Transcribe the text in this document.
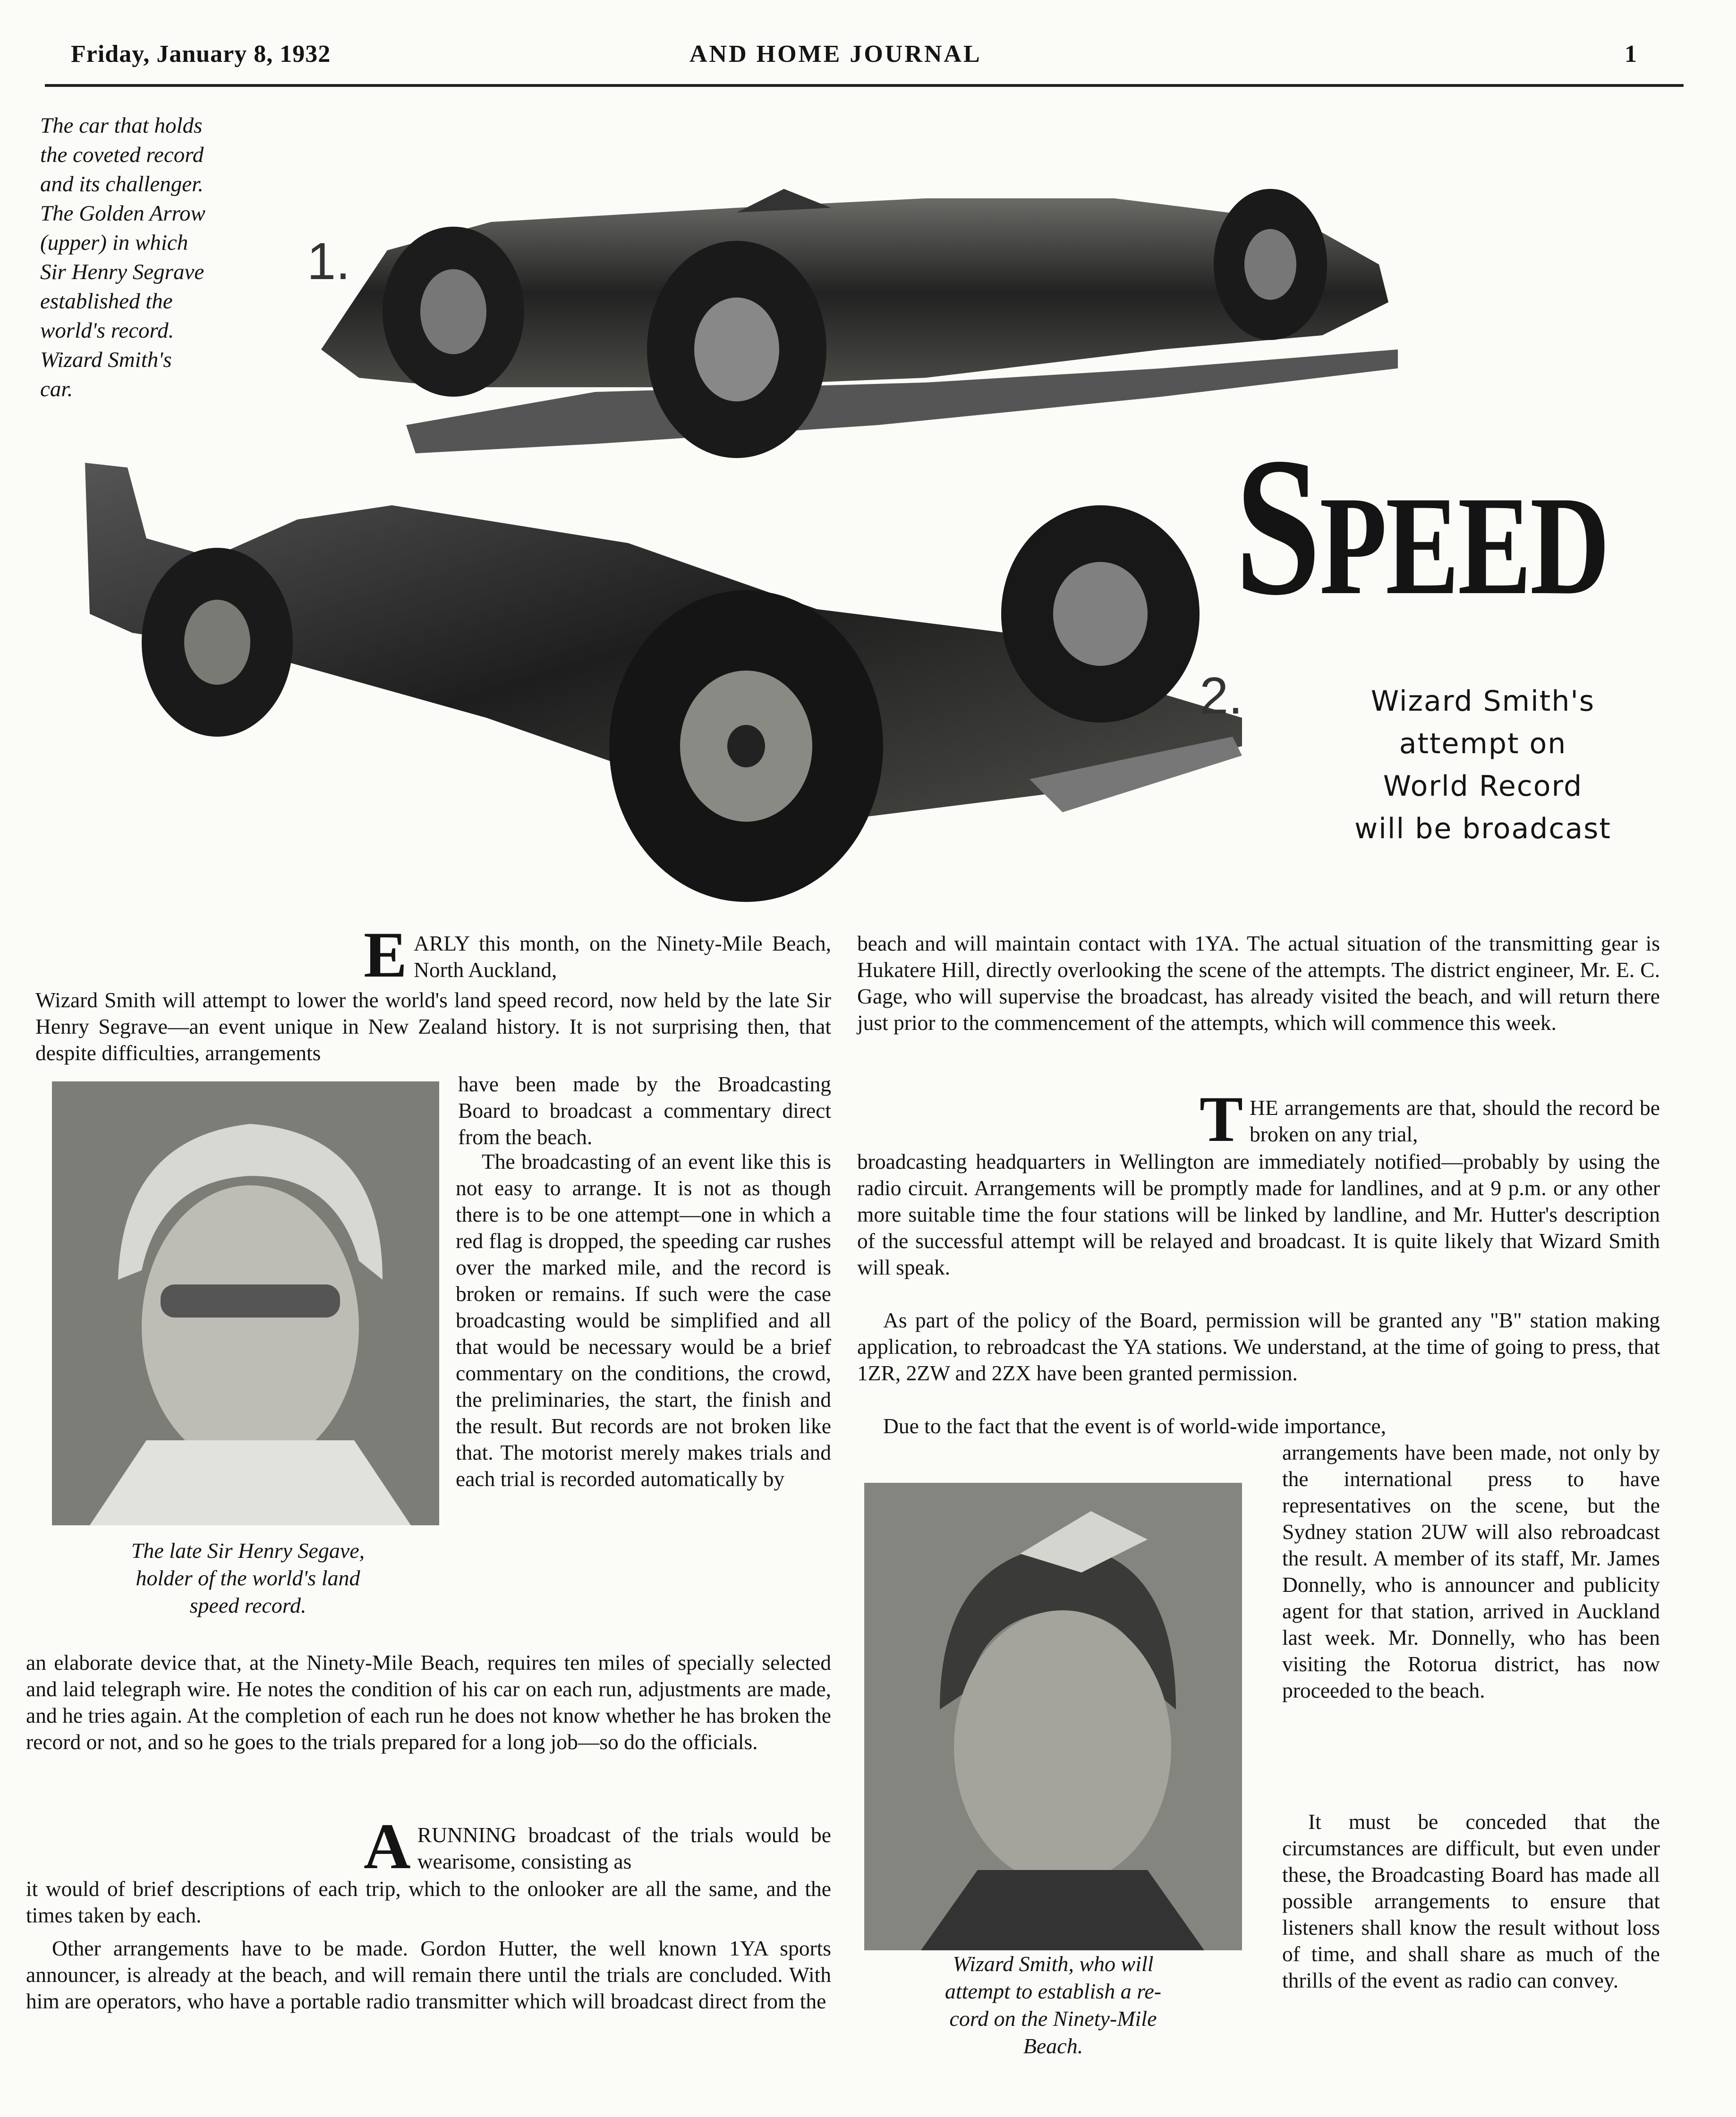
Friday, January 8, 1932	AND HOME JOURNAL	1
The car that holds
the coveted record
and its challenger.
The Golden Arrow
(upper) in which
Sir Henry Segrave
established the
world's record.
Wizard Smith's
car.
1.
2.
SPEED
Wizard Smith's
attempt on
World Record
will be broadcast
EARLY this month, on the Ninety-Mile Beach, North Auckland,
Wizard Smith will attempt to lower the world's land speed record, now held by the late Sir Henry Segrave—an event unique in New Zealand history. It is not surprising then, that despite difficulties, arrangements
The late Sir Henry Segave,
holder of the world's land
speed record.
have been made by the Broadcasting Board to broadcast a commentary direct from the beach.
The broadcasting of an event like this is not easy to arrange. It is not as though there is to be one attempt—one in which a red flag is dropped, the speeding car rushes over the marked mile, and the record is broken or remains. If such were the case broadcasting would be simplified and all that would be necessary would be a brief commentary on the conditions, the crowd, the preliminaries, the start, the finish and the result. But records are not broken like that. The motorist merely makes trials and each trial is recorded automatically by
an elaborate device that, at the Ninety-Mile Beach, requires ten miles of specially selected and laid telegraph wire. He notes the condition of his car on each run, adjustments are made, and he tries again. At the completion of each run he does not know whether he has broken the record or not, and so he goes to the trials prepared for a long job—so do the officials.
ARUNNING broadcast of the trials would be wearisome, consisting as
it would of brief descriptions of each trip, which to the onlooker are all the same, and the times taken by each.
Other arrangements have to be made. Gordon Hutter, the well known 1YA sports announcer, is already at the beach, and will remain there until the trials are concluded. With him are operators, who have a portable radio transmitter which will broadcast direct from the
beach and will maintain contact with 1YA. The actual situation of the transmitting gear is Hukatere Hill, directly overlooking the scene of the attempts. The district engineer, Mr. E. C. Gage, who will supervise the broadcast, has already visited the beach, and will return there just prior to the commencement of the attempts, which will commence this week.
THE arrangements are that, should the record be broken on any trial,
broadcasting headquarters in Wellington are immediately notified—probably by using the radio circuit. Arrangements will be promptly made for landlines, and at 9 p.m. or any other more suitable time the four stations will be linked by landline, and Mr. Hutter's description of the successful attempt will be relayed and broadcast. It is quite likely that Wizard Smith will speak.
As part of the policy of the Board, permission will be granted any "B" station making application, to rebroadcast the YA stations. We understand, at the time of going to press, that 1ZR, 2ZW and 2ZX have been granted permission.
Due to the fact that the event is of world-wide importance,
arrangements have been made, not only by the international press to have representatives on the scene, but the Sydney station 2UW will also rebroadcast the result. A member of its staff, Mr. James Donnelly, who is announcer and publicity agent for that station, arrived in Auckland last week. Mr. Donnelly, who has been visiting the Rotorua district, has now proceeded to the beach.
It must be conceded that the circumstances are difficult, but even under these, the Broadcasting Board has made all possible arrangements to ensure that listeners shall know the result without loss of time, and shall share as much of the thrills of the event as radio can convey.
Wizard Smith, who will
attempt to establish a re-
cord on the Ninety-Mile
Beach.
